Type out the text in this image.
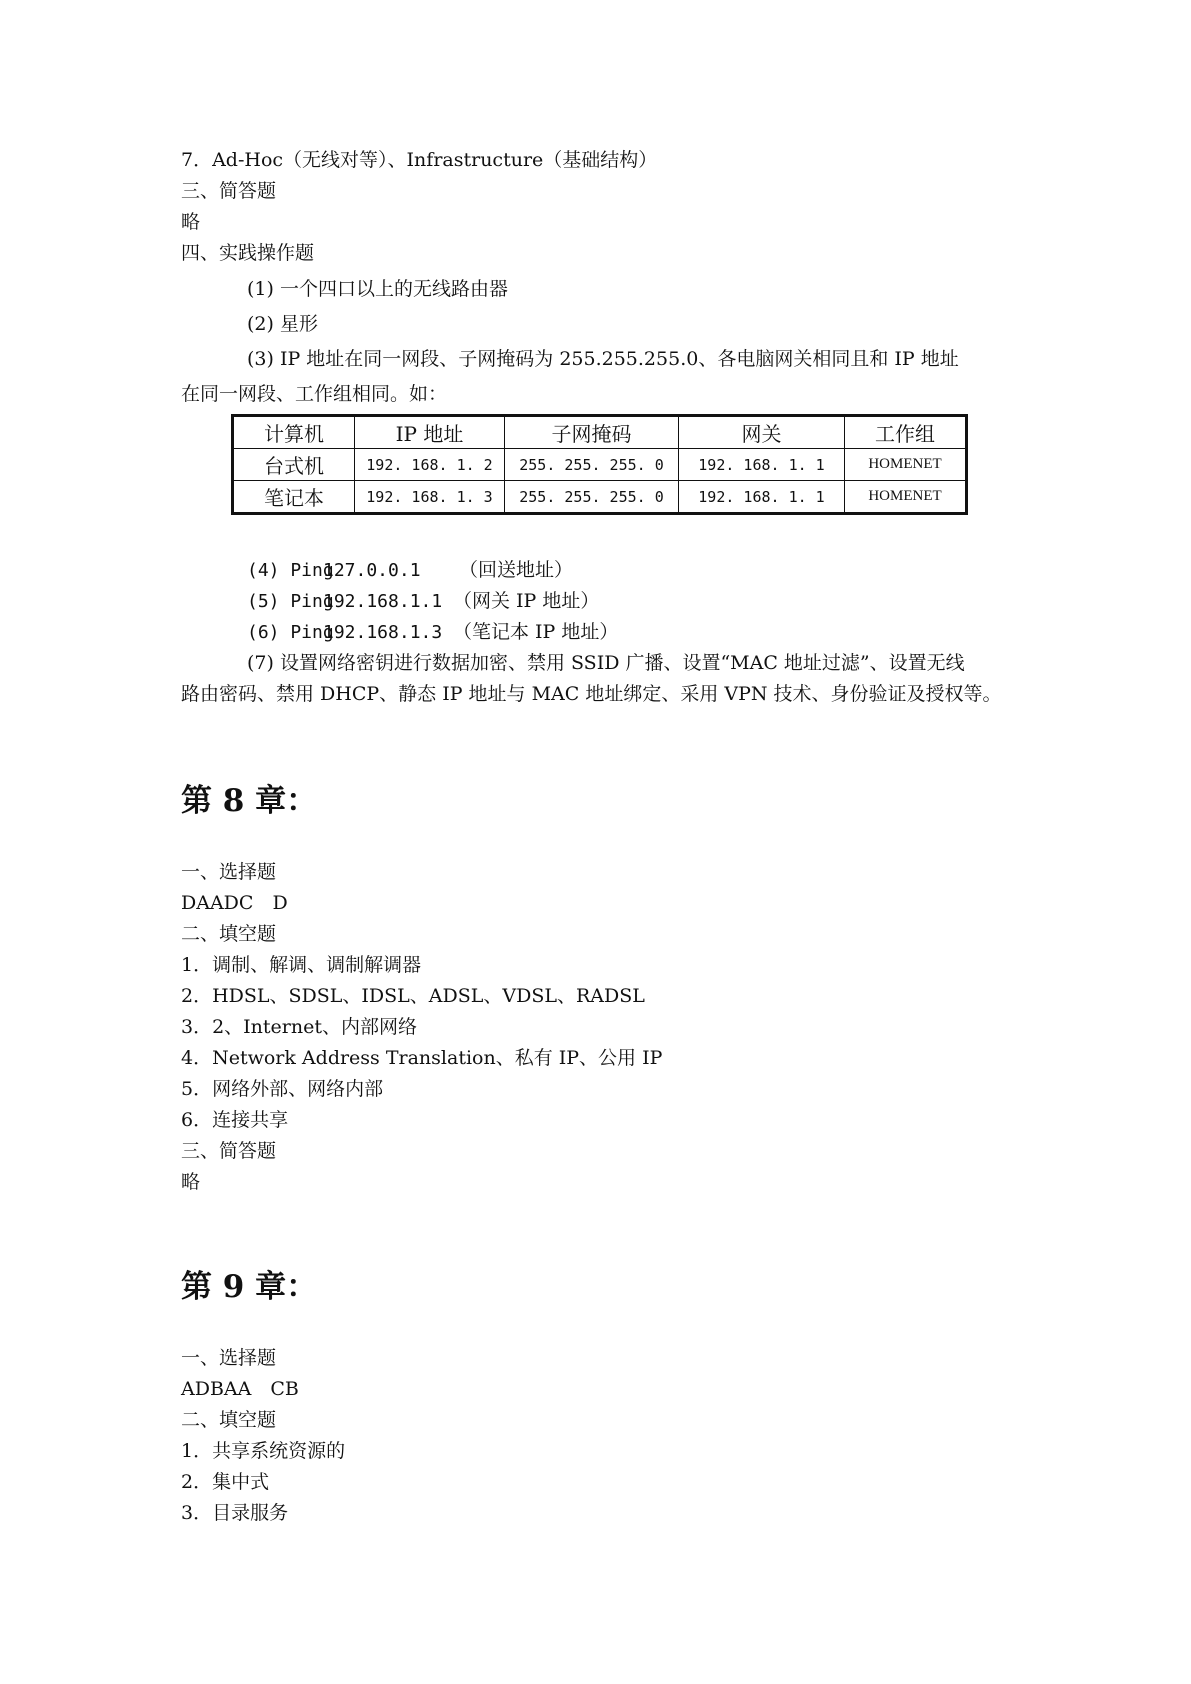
7．Ad-Hoc（无线对等）、Infrastructure（基础结构）

三、简答题

略

四、实践操作题

(1) 一个四口以上的无线路由器

(2) 星形

(3) IP 地址在同一网段、子网掩码为 255.255.255.0、各电脑网关相同且和 IP 地址

在同一网段、工作组相同。如：

计算机	IP 地址	子网掩码	网关	工作组
台式机	192. 168. 1. 2	255. 255. 255. 0	192. 168. 1. 1	HOMENET
笔记本	192. 168. 1. 3	255. 255. 255. 0	192. 168. 1. 1	HOMENET

(4) Ping127.0.0.1 （回送地址）

(5) Ping192.168.1.1 （网关 IP 地址）

(6) Ping192.168.1.3 （笔记本 IP 地址）

(7) 设置网络密钥进行数据加密、禁用 SSID 广播、设置“MAC 地址过滤”、设置无线

路由密码、禁用 DHCP、静态 IP 地址与 MAC 地址绑定、采用 VPN 技术、身份验证及授权等。

第 8 章：

一、选择题

DAADC　D

二、填空题

1．调制、解调、调制解调器

2．HDSL、SDSL、IDSL、ADSL、VDSL、RADSL

3．2、Internet、内部网络

4．Network Address Translation、私有 IP、公用 IP

5．网络外部、网络内部

6．连接共享

三、简答题

略

第 9 章：

一、选择题

ADBAA　CB

二、填空题

1．共享系统资源的

2．集中式

3．目录服务
